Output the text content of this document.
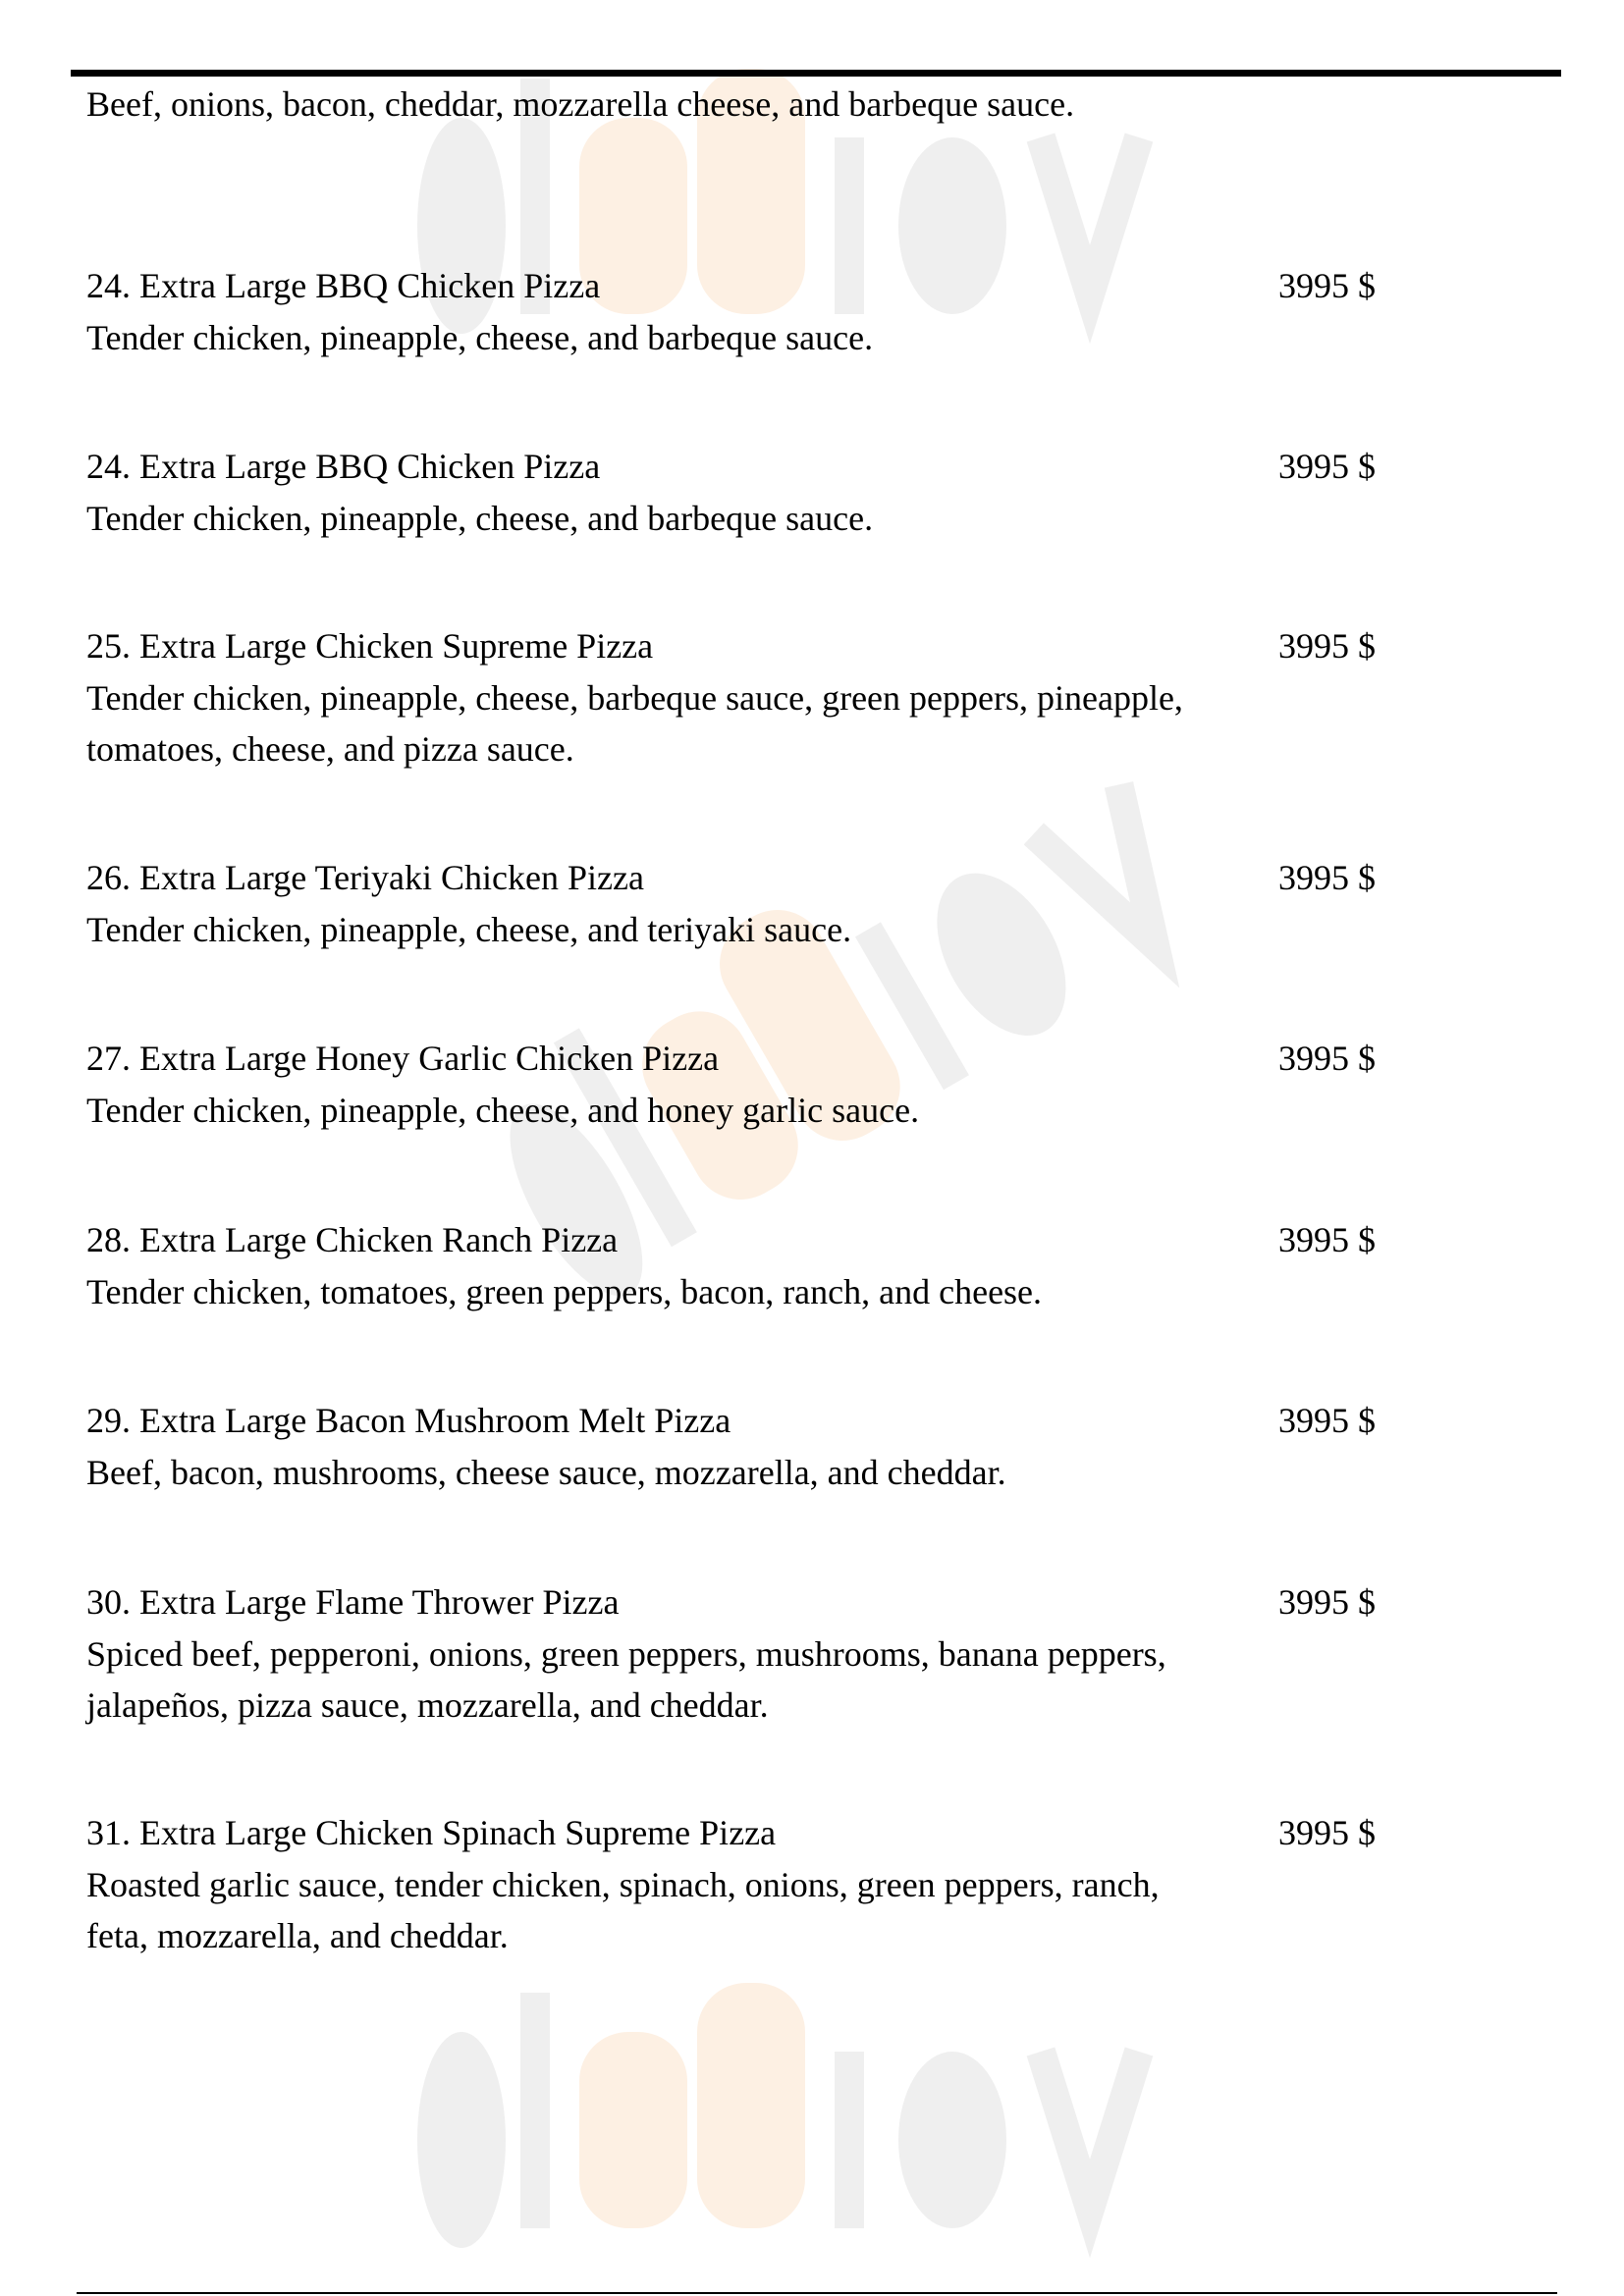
Beef, onions, bacon, cheddar, mozzarella cheese, and barbeque sauce.
24. Extra Large BBQ Chicken Pizza	3995 $
Tender chicken, pineapple, cheese, and barbeque sauce.
24. Extra Large BBQ Chicken Pizza	3995 $
Tender chicken, pineapple, cheese, and barbeque sauce.
25. Extra Large Chicken Supreme Pizza	3995 $
Tender chicken, pineapple, cheese, barbeque sauce, green peppers, pineapple, tomatoes, cheese, and pizza sauce.
26. Extra Large Teriyaki Chicken Pizza	3995 $
Tender chicken, pineapple, cheese, and teriyaki sauce.
27. Extra Large Honey Garlic Chicken Pizza	3995 $
Tender chicken, pineapple, cheese, and honey garlic sauce.
28. Extra Large Chicken Ranch Pizza	3995 $
Tender chicken, tomatoes, green peppers, bacon, ranch, and cheese.
29. Extra Large Bacon Mushroom Melt Pizza	3995 $
Beef, bacon, mushrooms, cheese sauce, mozzarella, and cheddar.
30. Extra Large Flame Thrower Pizza	3995 $
Spiced beef, pepperoni, onions, green peppers, mushrooms, banana peppers, jalapeños, pizza sauce, mozzarella, and cheddar.
31. Extra Large Chicken Spinach Supreme Pizza	3995 $
Roasted garlic sauce, tender chicken, spinach, onions, green peppers, ranch, feta, mozzarella, and cheddar.
